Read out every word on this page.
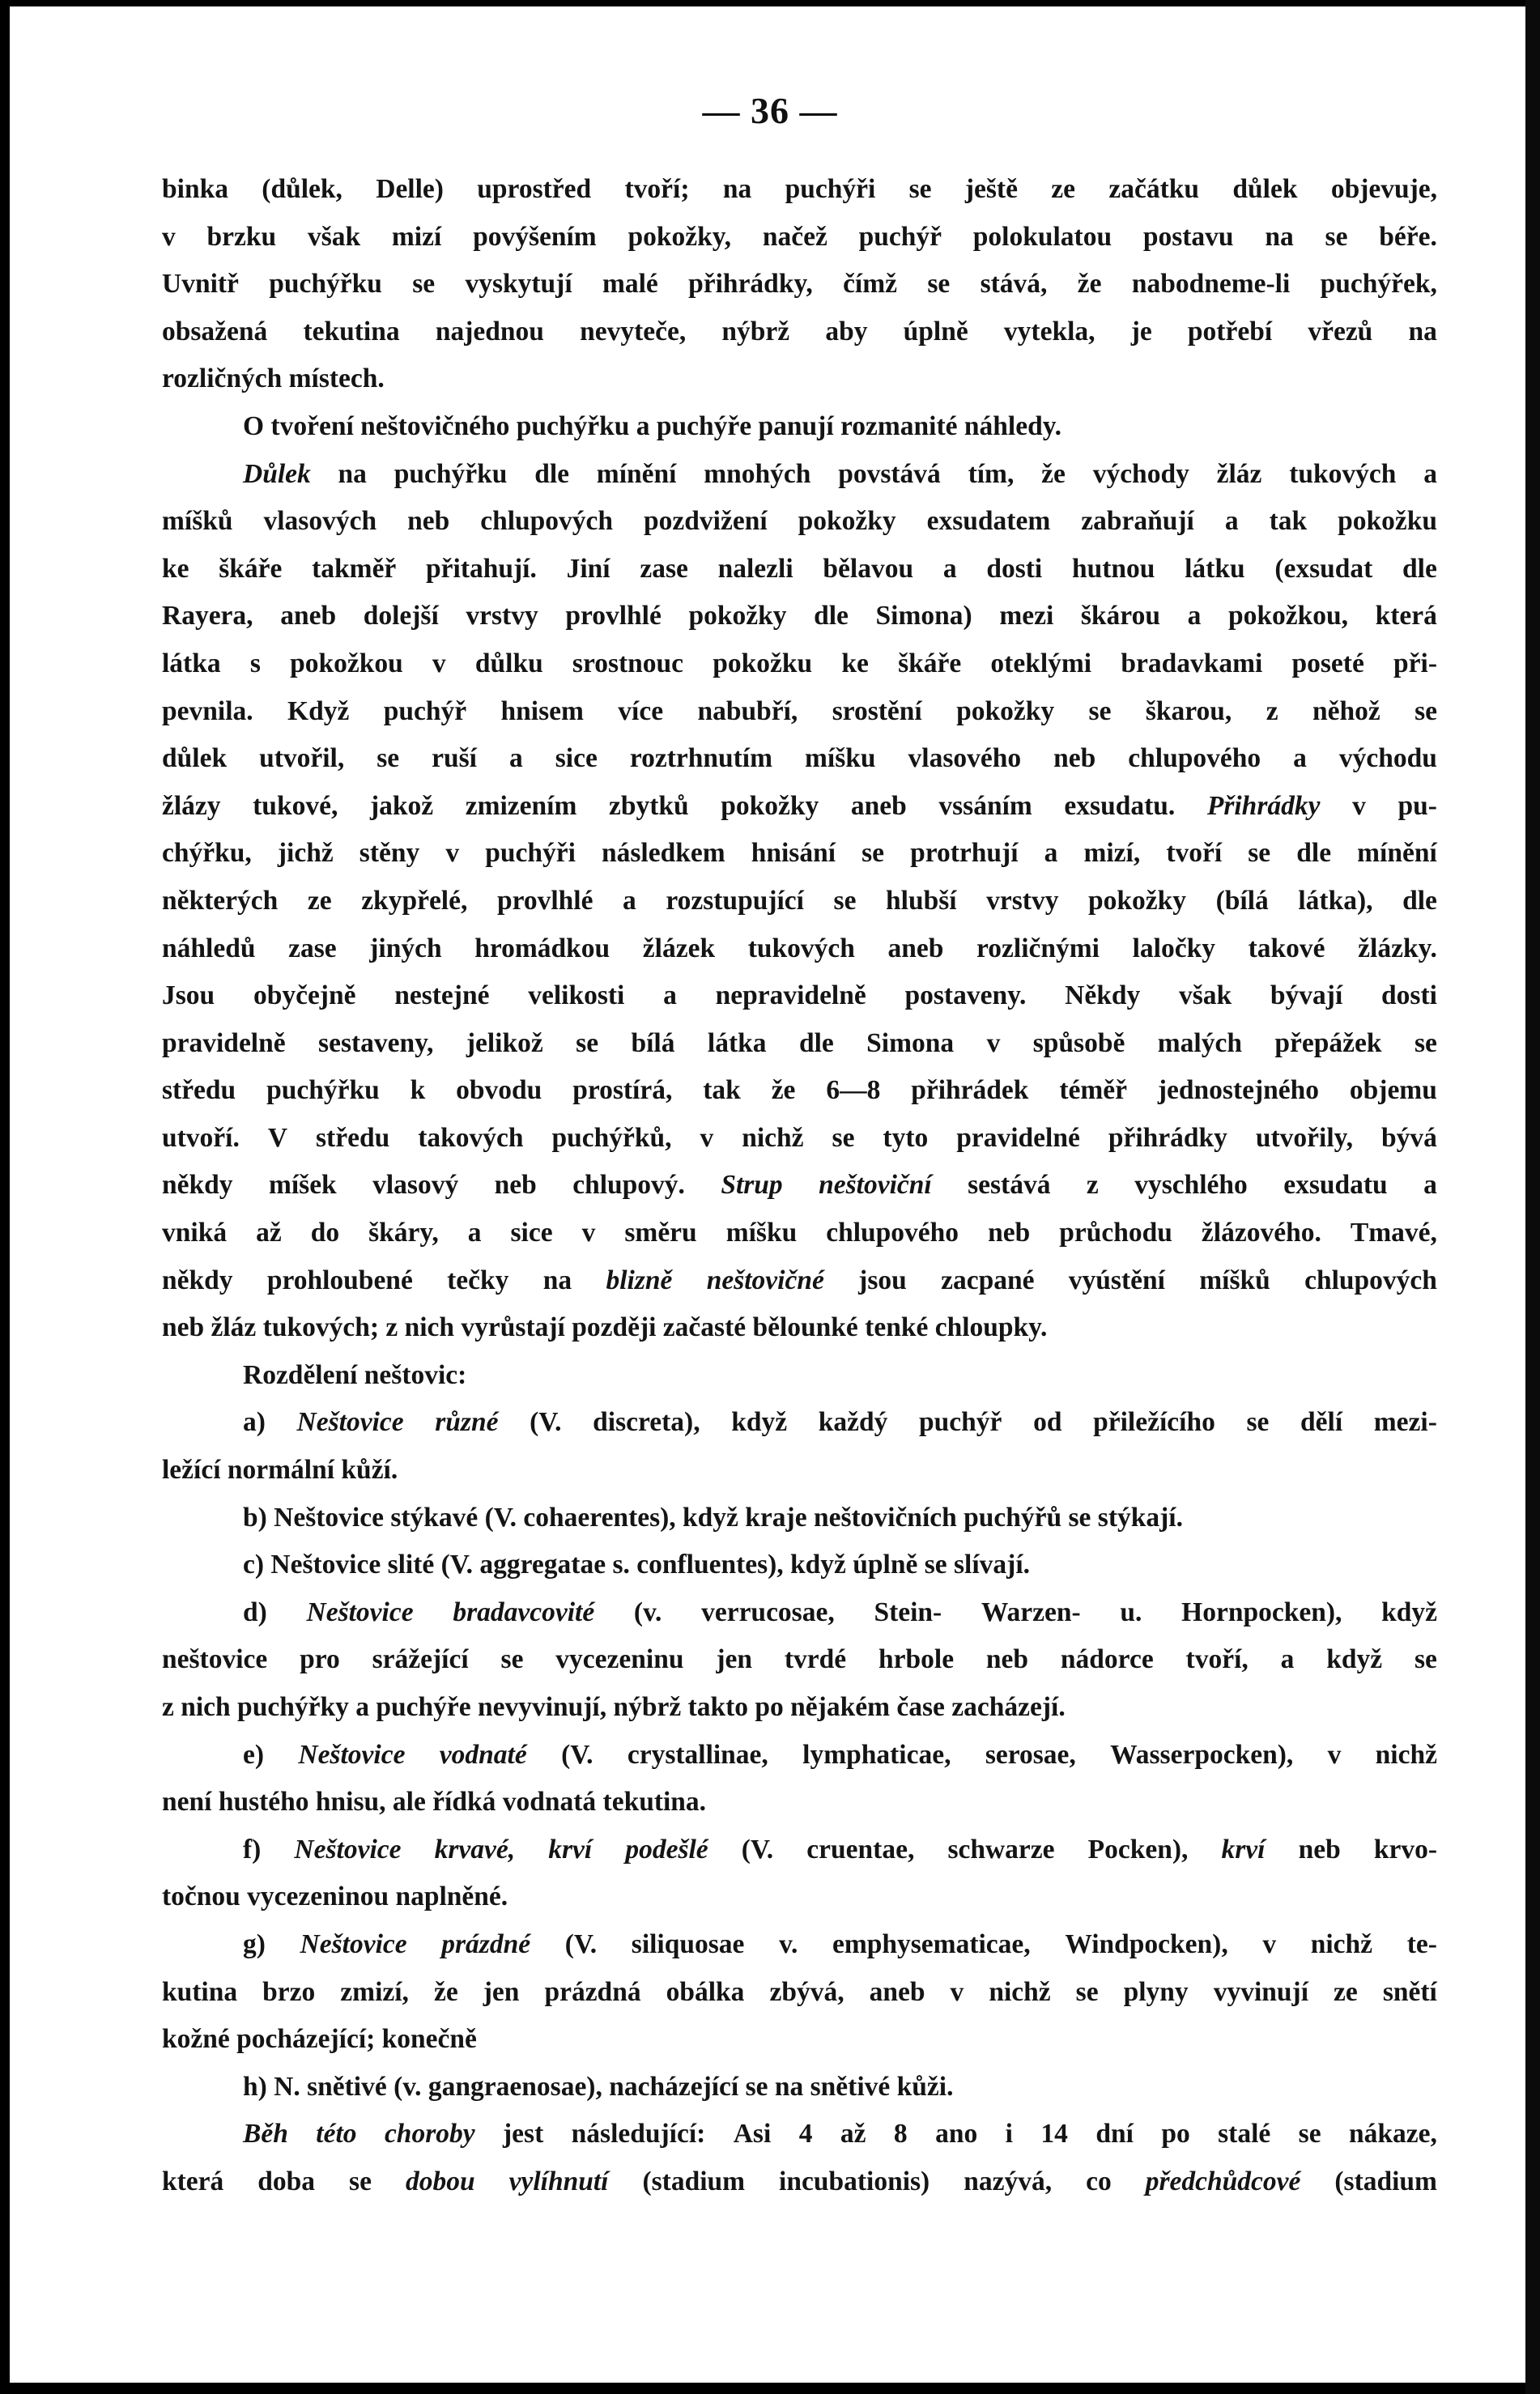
— 36 —
binka (důlek, Delle) uprostřed tvoří; na puchýři se ještě ze začátku důlek objevuje,
v brzku však mizí povýšením pokožky, načež puchýř polokulatou postavu na se béře.
Uvnitř puchýřku se vyskytují malé přihrádky, čímž se stává, že nabodneme-li puchýřek,
obsažená tekutina najednou nevyteče, nýbrž aby úplně vytekla, je potřebí vřezů na
rozličných místech.
O tvoření neštovičného puchýřku a puchýře panují rozmanité náhledy.
Důlek na puchýřku dle mínění mnohých povstává tím, že východy žláz tukových a
míšků vlasových neb chlupových pozdvižení pokožky exsudatem zabraňují a tak pokožku
ke škáře takměř přitahují. Jiní zase nalezli bělavou a dosti hutnou látku (exsudat dle
Rayera, aneb dolejší vrstvy provlhlé pokožky dle Simona) mezi škárou a pokožkou, která
látka s pokožkou v důlku srostnouc pokožku ke škáře oteklými bradavkami poseté při-
pevnila. Když puchýř hnisem více nabubří, srostění pokožky se škarou, z něhož se
důlek utvořil, se ruší a sice roztrhnutím míšku vlasového neb chlupového a východu
žlázy tukové, jakož zmizením zbytků pokožky aneb vssáním exsudatu. Přihrádky v pu-
chýřku, jichž stěny v puchýři následkem hnisání se protrhují a mizí, tvoří se dle mínění
některých ze zkypřelé, provlhlé a rozstupující se hlubší vrstvy pokožky (bílá látka), dle
náhledů zase jiných hromádkou žlázek tukových aneb rozličnými laločky takové žlázky.
Jsou obyčejně nestejné velikosti a nepravidelně postaveny. Někdy však bývají dosti
pravidelně sestaveny, jelikož se bílá látka dle Simona v spůsobě malých přepážek se
středu puchýřku k obvodu prostírá, tak že 6—8 přihrádek téměř jednostejného objemu
utvoří. V středu takových puchýřků, v nichž se tyto pravidelné přihrádky utvořily, bývá
někdy míšek vlasový neb chlupový. Strup neštoviční sestává z vyschlého exsudatu a
vniká až do škáry, a sice v směru míšku chlupového neb průchodu žlázového. Tmavé,
někdy prohloubené tečky na blizně neštovičné jsou zacpané vyústění míšků chlupových
neb žláz tukových; z nich vyrůstají později začasté bělounké tenké chloupky.
Rozdělení neštovic:
a) Neštovice různé (V. discreta), když každý puchýř od přiležícího se dělí mezi-
ležící normální kůží.
b) Neštovice stýkavé (V. cohaerentes), když kraje neštovičních puchýřů se stýkají.
c) Neštovice slité (V. aggregatae s. confluentes), když úplně se slívají.
d) Neštovice bradavcovité (v. verrucosae, Stein- Warzen- u. Hornpocken), když
neštovice pro srážející se vycezeninu jen tvrdé hrbole neb nádorce tvoří, a když se
z nich puchýřky a puchýře nevyvinují, nýbrž takto po nějakém čase zacházejí.
e) Neštovice vodnaté (V. crystallinae, lymphaticae, serosae, Wasserpocken), v nichž
není hustého hnisu, ale řídká vodnatá tekutina.
f) Neštovice krvavé, krví podešlé (V. cruentae, schwarze Pocken), krví neb krvo-
točnou vycezeninou naplněné.
g) Neštovice prázdné (V. siliquosae v. emphysematicae, Windpocken), v nichž te-
kutina brzo zmizí, že jen prázdná obálka zbývá, aneb v nichž se plyny vyvinují ze snětí
kožné pocházející; konečně
h) N. snětivé (v. gangraenosae), nacházející se na snětivé kůži.
Běh této choroby jest následující: Asi 4 až 8 ano i 14 dní po stalé se nákaze,
která doba se dobou vylíhnutí (stadium incubationis) nazývá, co předchůdcové (stadium
